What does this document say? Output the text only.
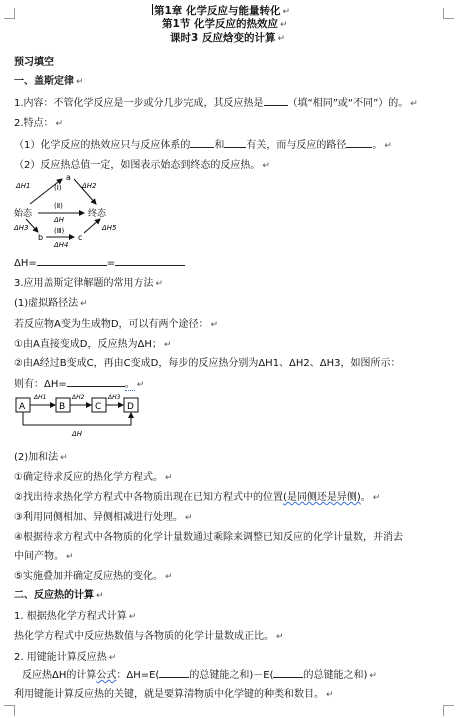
第1章 化学反应与能量转化 ↵
第1节 化学反应的热效应 ↵
课时3 反应焓变的计算 ↵
预习填空
一、盖斯定律 ↵
1.内容：不管化学反应是一步或分几步完成，其反应热是 （填“相同”或“不同”）的。 ↵
2.特点： ↵
（1）化学反应的热效应只与反应体系的 和 有关，而与反应的路径	。 ↵
（2）反应热总值一定，如图表示始态到终态的反应热。 ↵
始态	终态
a
b	c
ΔH1	ΔH2
(Ⅰ)
(Ⅱ)
ΔH
(Ⅲ)
ΔH3
ΔH4
ΔH5
ΔH=	=
3.应用盖斯定律解题的常用方法 ↵
(1)虚拟路径法 ↵
若反应物A变为生成物D，可以有两个途径： ↵
①由A直接变成D，反应热为ΔH； ↵
②由A经过B变成C，再由C变成D，每步的反应热分别为ΔH1、ΔH2、ΔH3，如图所示：
则有：ΔH=	。 ↵
A	B	C	D
ΔH1	ΔH2	ΔH3
ΔH
(2)加和法 ↵
①确定待求反应的热化学方程式。 ↵
②找出待求热化学方程式中各物质出现在已知方程式中的位置(是同侧还是异侧)。 ↵
③利用同侧相加、异侧相减进行处理。 ↵
④根据待求方程式中各物质的化学计量数通过乘除来调整已知反应的化学计量数，并消去
中间产物。 ↵
⑤实施叠加并确定反应热的变化。 ↵
二、反应热的计算 ↵
1. 根据热化学方程式计算 ↵
热化学方程式中反应热数值与各物质的化学计量数成正比。 ↵
2. 用键能计算反应热 ↵
反应热ΔH的计算公式：ΔH=E(	的总键能之和)－E(	的总键能之和) ↵
利用键能计算反应热的关键，就是要算清物质中化学键的种类和数目。 ↵
